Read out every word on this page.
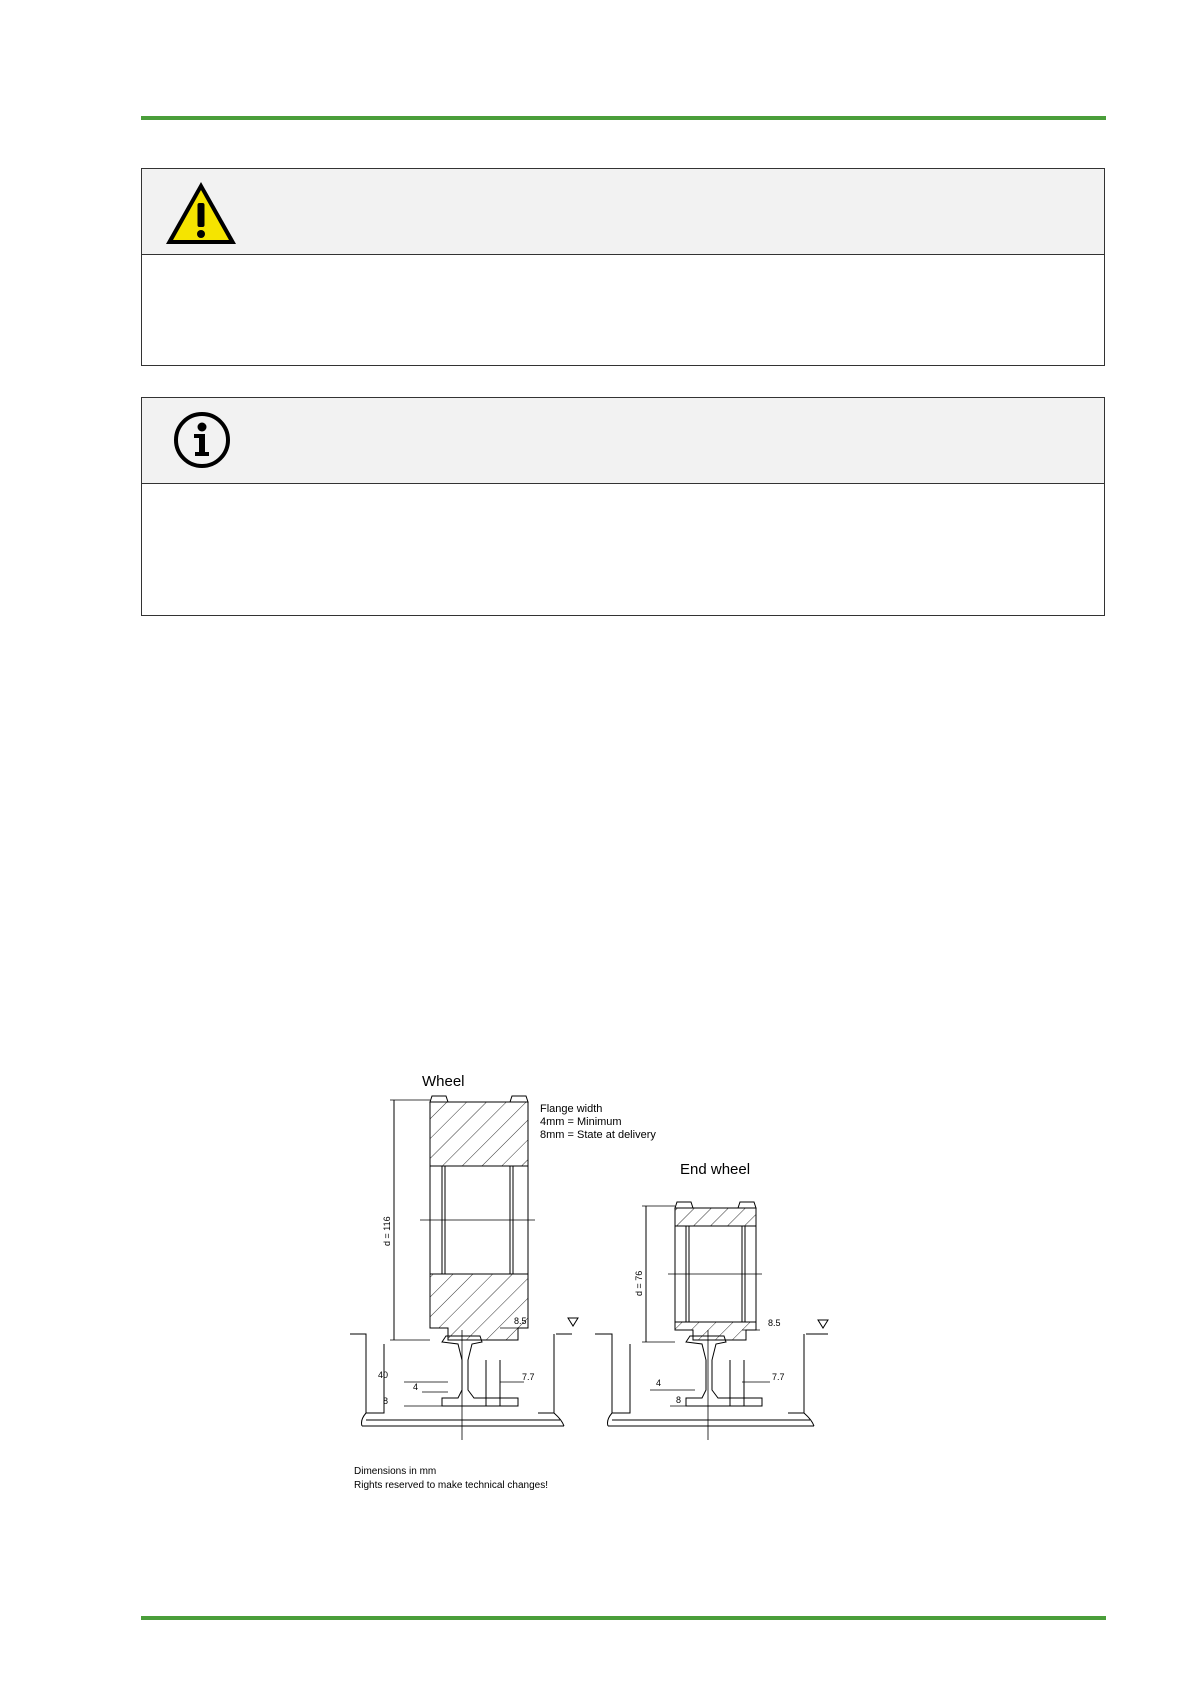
Wheel
Flange width
4mm = Minimum
8mm = State at delivery
d = 116
40
4
8
8.5
7.7
End wheel
d = 76
4
8
8.5
7.7
Dimensions in mm
Rights reserved to make technical changes!
